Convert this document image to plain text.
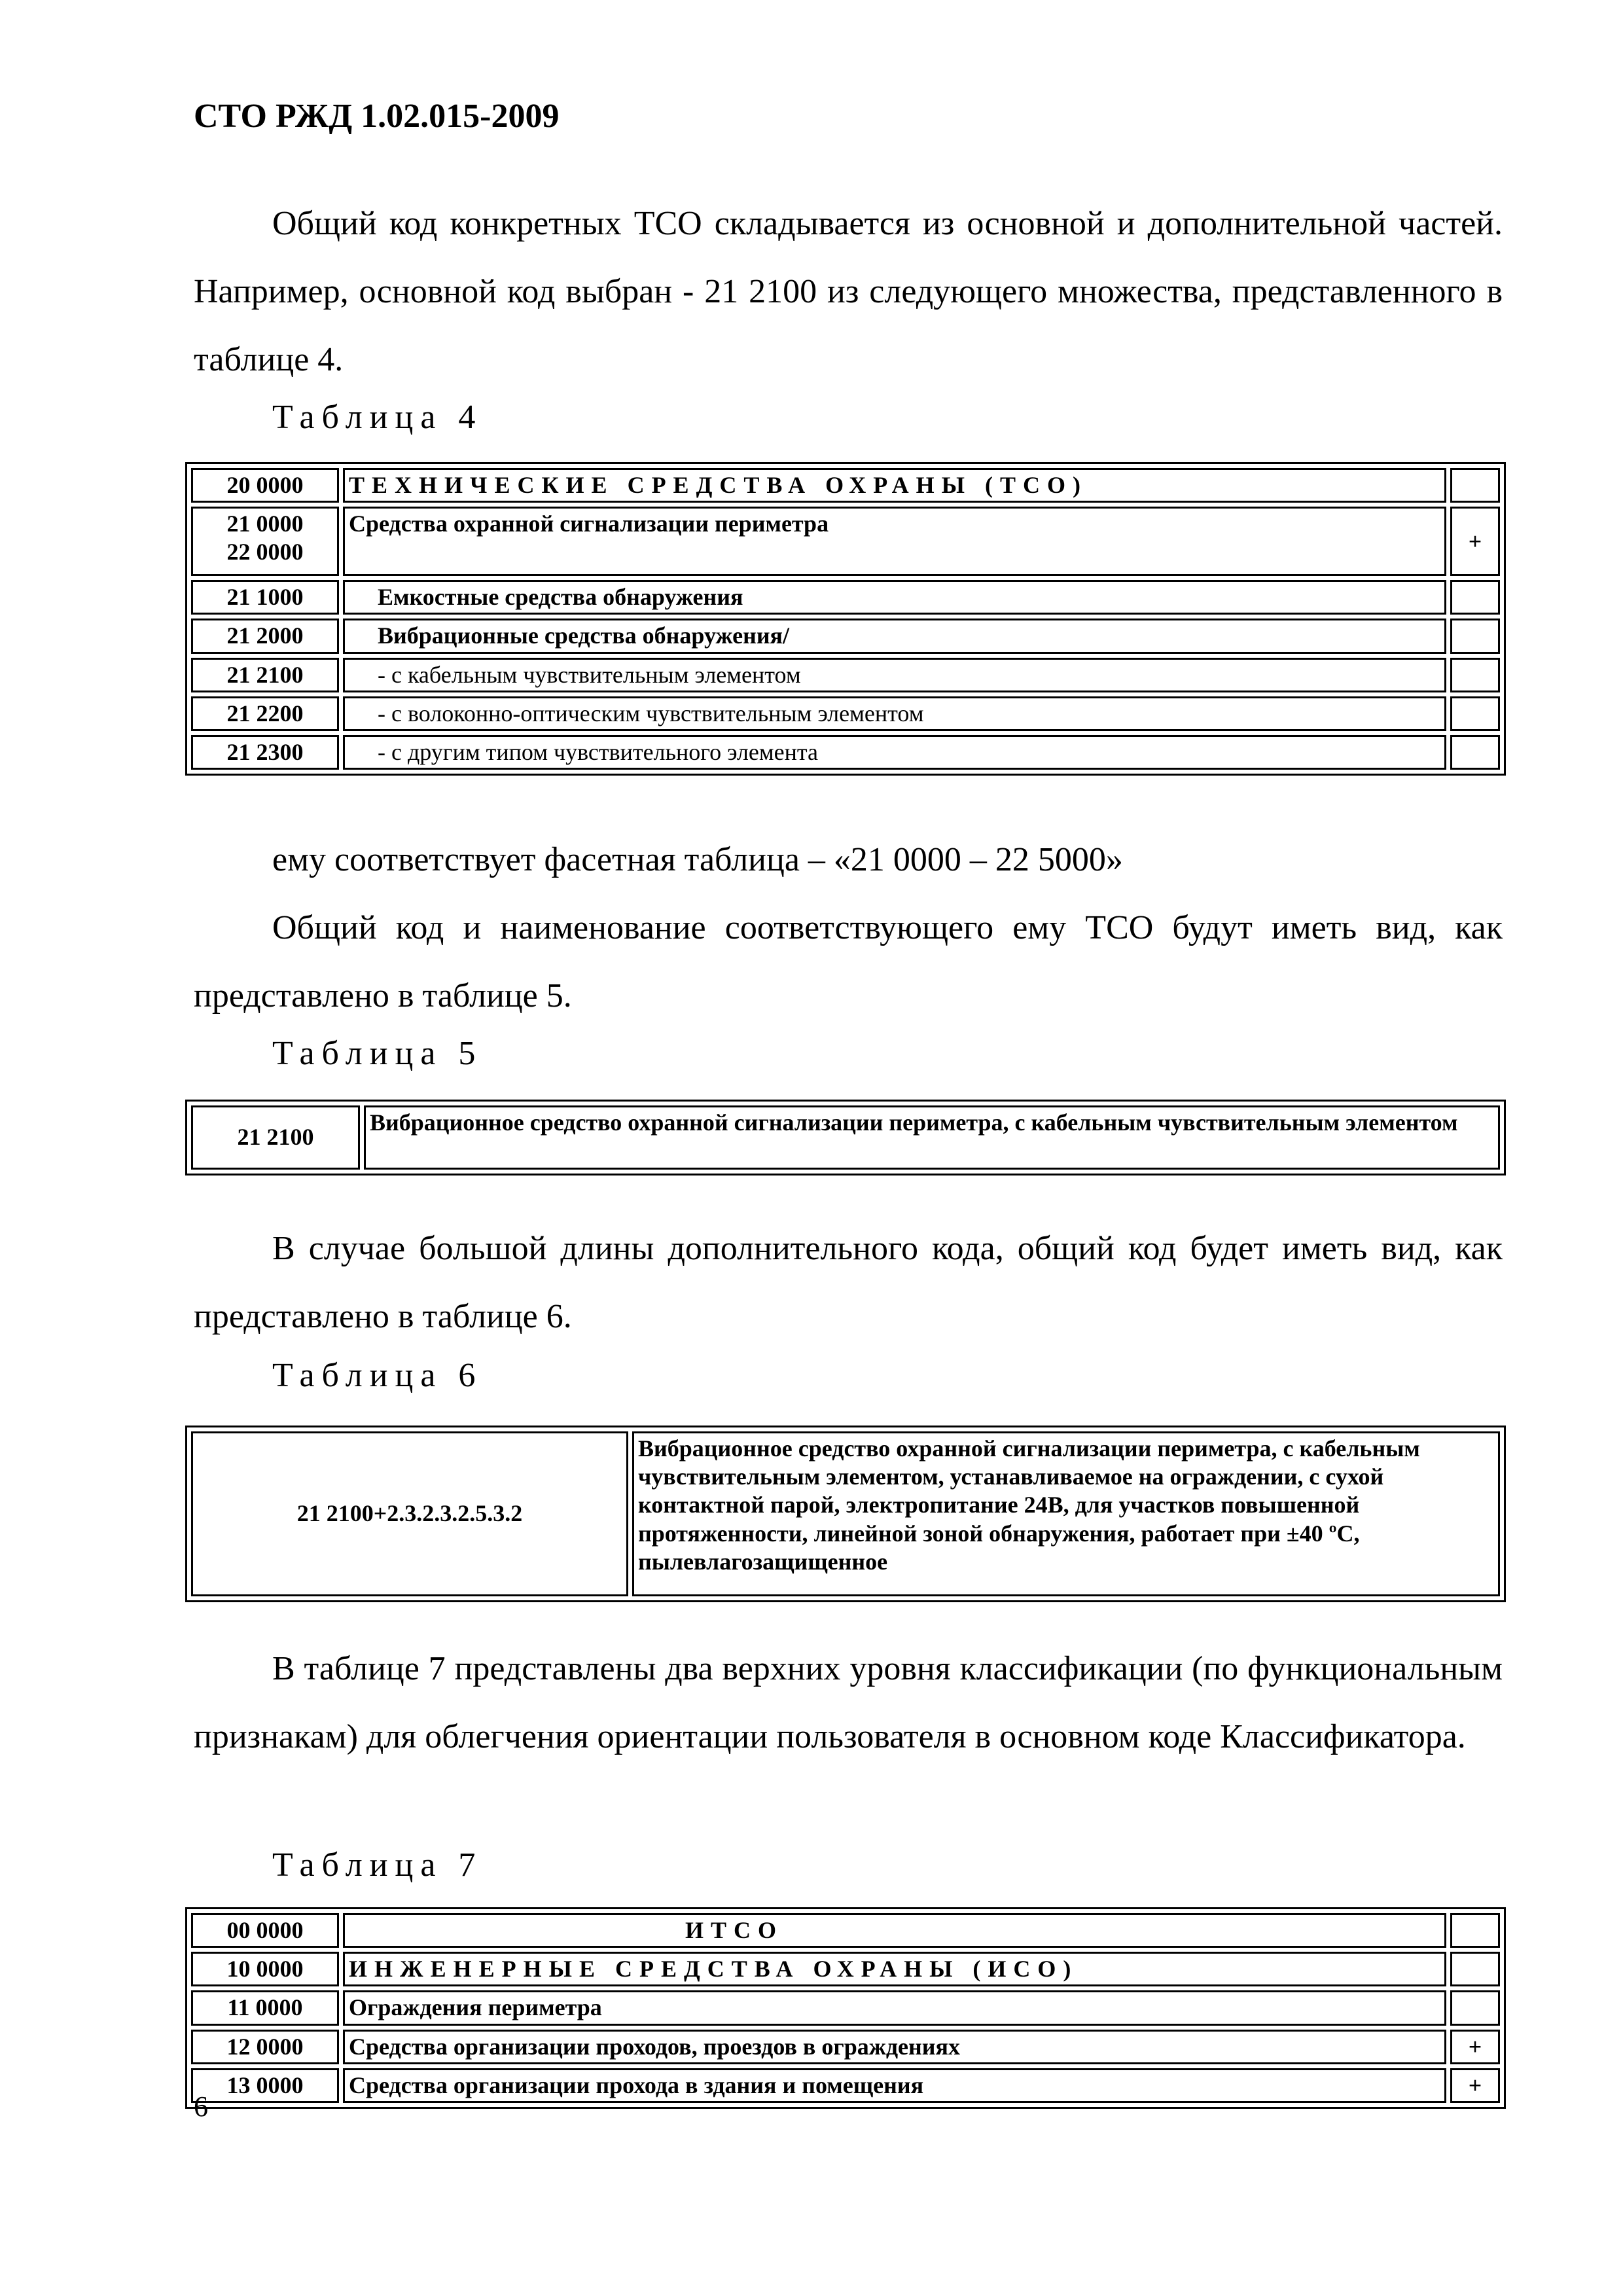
СТО РЖД 1.02.015-2009

Общий код конкретных ТСО складывается из основной и дополнительной частей. Например, основной код выбран - 21 2100 из следующего множества, представленного в таблице 4.

Таблица 4
20 0000	ТЕХНИЧЕСКИЕ СРЕДСТВА ОХРАНЫ (ТСО)	

21 0000
22 0000	Средства охранной сигнализации периметра	+
21 1000	Емкостные средства обнаружения	
21 2000	Вибрационные средства обнаружения/	
21 2100	- с кабельным чувствительным элементом	
21 2200	- с волоконно-оптическим чувствительным элементом	
21 2300	- с другим типом чувствительного элемента	

ему соответствует фасетная таблица – «21 0000 – 22 5000»

Общий код и наименование соответствующего ему ТСО будут иметь вид, как представлено в таблице 5.

Таблица 5
21 2100	Вибрационное средство охранной сигнализации периметра, с кабельным чувствительным элементом

В случае большой длины дополнительного кода, общий код будет иметь вид, как представлено в таблице 6.

Таблица 6
21 2100+2.3.2.3.2.5.3.2	Вибрационное средство охранной сигнализации периметра, с кабельным чувствительным элементом, устанавливаемое на ограждении, с сухой контактной парой, электропитание 24В, для участков повышенной протяженности, линейной зоной обнаружения, работает при ±40 ºС, пылевлагозащищенное

В таблице 7 представлены два верхних уровня классификации (по функциональным признакам) для облегчения ориентации пользователя в основном коде Классификатора.

Таблица 7
00 0000	ИТСО	
10 0000	ИНЖЕНЕРНЫЕ СРЕДСТВА ОХРАНЫ (ИСО)	
11 0000	Ограждения периметра	
12 0000	Средства организации проходов, проездов в ограждениях	+
13 0000	Средства организации прохода в здания и помещения	+
6
